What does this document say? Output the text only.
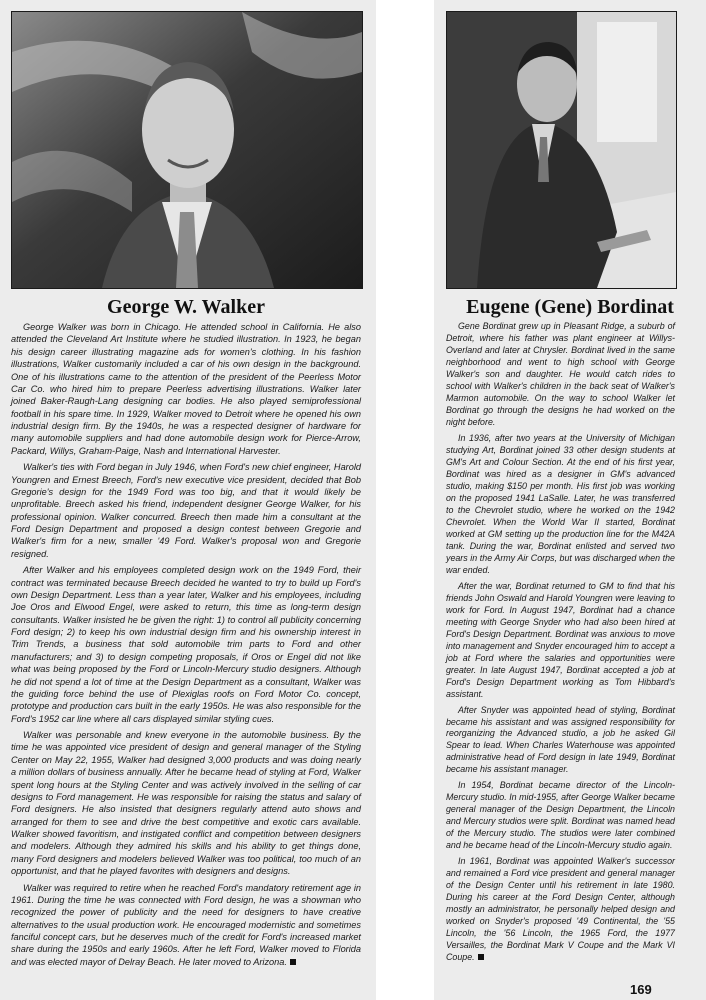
George W. Walker	Eugene (Gene) Bordinat

George Walker was born in Chicago. He attended school in California. He also attended the Cleveland Art Institute where he studied illustration. In 1923, he began his design career illustrating magazine ads for women's clothing. In his fashion illustrations, Walker customarily included a car of his own design in the background. One of his illustrations came to the attention of the president of the Peerless Motor Car Co. who hired him to prepare Peerless advertising illustrations. Walker later joined Baker-Raugh-Lang designing car bodies. He also played semiprofessional football in his spare time. In 1929, Walker moved to Detroit where he opened his own industrial design firm. By the 1940s, he was a respected designer of hardware for many automobile suppliers and had done automobile design work for Pierce-Arrow, Packard, Willys, Graham-Paige, Nash and International Harvester.

Walker's ties with Ford began in July 1946, when Ford's new chief engineer, Harold Youngren and Ernest Breech, Ford's new executive vice president, decided that Bob Gregorie's design for the 1949 Ford was too big, and that it would likely be unprofitable. Breech asked his friend, independent designer George Walker, for his professional opinion. Walker concurred. Breech then made him a consultant at the Ford Design Department and proposed a design contest between Gregorie and Walker's firm for a new, smaller '49 Ford. Walker's proposal won and Gregorie resigned.

After Walker and his employees completed design work on the 1949 Ford, their contract was terminated because Breech decided he wanted to try to build up Ford's own Design Department. Less than a year later, Walker and his employees, including Joe Oros and Elwood Engel, were asked to return, this time as long-term design consultants. Walker insisted he be given the right: 1) to control all publicity concerning Ford design; 2) to keep his own industrial design firm and his ownership interest in Trim Trends, a business that sold automobile trim parts to Ford and other manufacturers; and 3) to design competing proposals, if Oros or Engel did not like what was being proposed by the Ford or Lincoln-Mercury studio designers. Although he did not spend a lot of time at the Design Department as a consultant, Walker was the guiding force behind the use of Plexiglas roofs on Ford Motor Co. concept, prototype and production cars built in the early 1950s. He was also responsible for the Ford's 1952 car line where all cars displayed similar styling cues.

Walker was personable and knew everyone in the automobile business. By the time he was appointed vice president of design and general manager of the Styling Center on May 22, 1955, Walker had designed 3,000 products and was doing nearly a million dollars of business annually. After he became head of styling at Ford, Walker spent long hours at the Styling Center and was actively involved in the selling of car designs to Ford management. He was responsible for raising the status and salary of Ford designers. He also insisted that designers regularly attend auto shows and arranged for them to see and drive the best competitive and exotic cars available. Walker showed favoritism, and instigated conflict and competition between designers and modelers. Although they admired his skills and his ability to get things done, many Ford designers and modelers believed Walker was too political, too much of an opportunist, and that he played favorites with designers and designs.

Walker was required to retire when he reached Ford's mandatory retirement age in 1961. During the time he was connected with Ford design, he was a showman who recognized the power of publicity and the need for designers to have creative alternatives to the usual production work. He encouraged modernistic and sometimes fanciful concept cars, but he deserves much of the credit for Ford's increased market share during the 1950s and early 1960s. After he left Ford, Walker moved to Florida and was elected mayor of Delray Beach. He later moved to Arizona.

Gene Bordinat grew up in Pleasant Ridge, a suburb of Detroit, where his father was plant engineer at Willys-Overland and later at Chrysler. Bordinat lived in the same neighborhood and went to high school with George Walker's son and daughter. He would catch rides to school with Walker's children in the back seat of Walker's Marmon automobile. On the way to school Walker let Bordinat go through the designs he had worked on the night before.

In 1936, after two years at the University of Michigan studying Art, Bordinat joined 33 other design students at GM's Art and Colour Section. At the end of his first year, Bordinat was hired as a designer in GM's advanced studio, making $150 per month. His first job was working on the proposed 1941 LaSalle. Later, he was transferred to the Chevrolet studio, where he worked on the 1942 Chevrolet. When the World War II started, Bordinat worked at GM setting up the production line for the M42A tank. During the war, Bordinat enlisted and served two years in the Army Air Corps, but was discharged when the war ended.

After the war, Bordinat returned to GM to find that his friends John Oswald and Harold Youngren were leaving to work for Ford. In August 1947, Bordinat had a chance meeting with George Snyder who had also been hired at Ford's Design Department. Bordinat was anxious to move into management and Snyder encouraged him to accept a job at Ford where the salaries and opportunities were greater. In late August 1947, Bordinat accepted a job at Ford's Design Department working as Tom Hibbard's assistant.

After Snyder was appointed head of styling, Bordinat became his assistant and was assigned responsibility for reorganizing the Advanced studio, a job he asked Gil Spear to lead. When Charles Waterhouse was appointed administrative head of Ford design in late 1949, Bordinat became his assistant manager.

In 1954, Bordinat became director of the Lincoln-Mercury studio. In mid-1955, after George Walker became general manager of the Design Department, the Lincoln and Mercury studios were split. Bordinat was named head of the Mercury studio. The studios were later combined and he became head of the Lincoln-Mercury studio again.

In 1961, Bordinat was appointed Walker's successor and remained a Ford vice president and general manager of the Design Center until his retirement in late 1980. During his career at the Ford Design Center, although mostly an administrator, he personally helped design and worked on Snyder's proposed '49 Continental, the '55 Lincoln, the '56 Lincoln, the 1965 Ford, the 1977 Versailles, the Bordinat Mark V Coupe and the Mark VI Coupe.

169
